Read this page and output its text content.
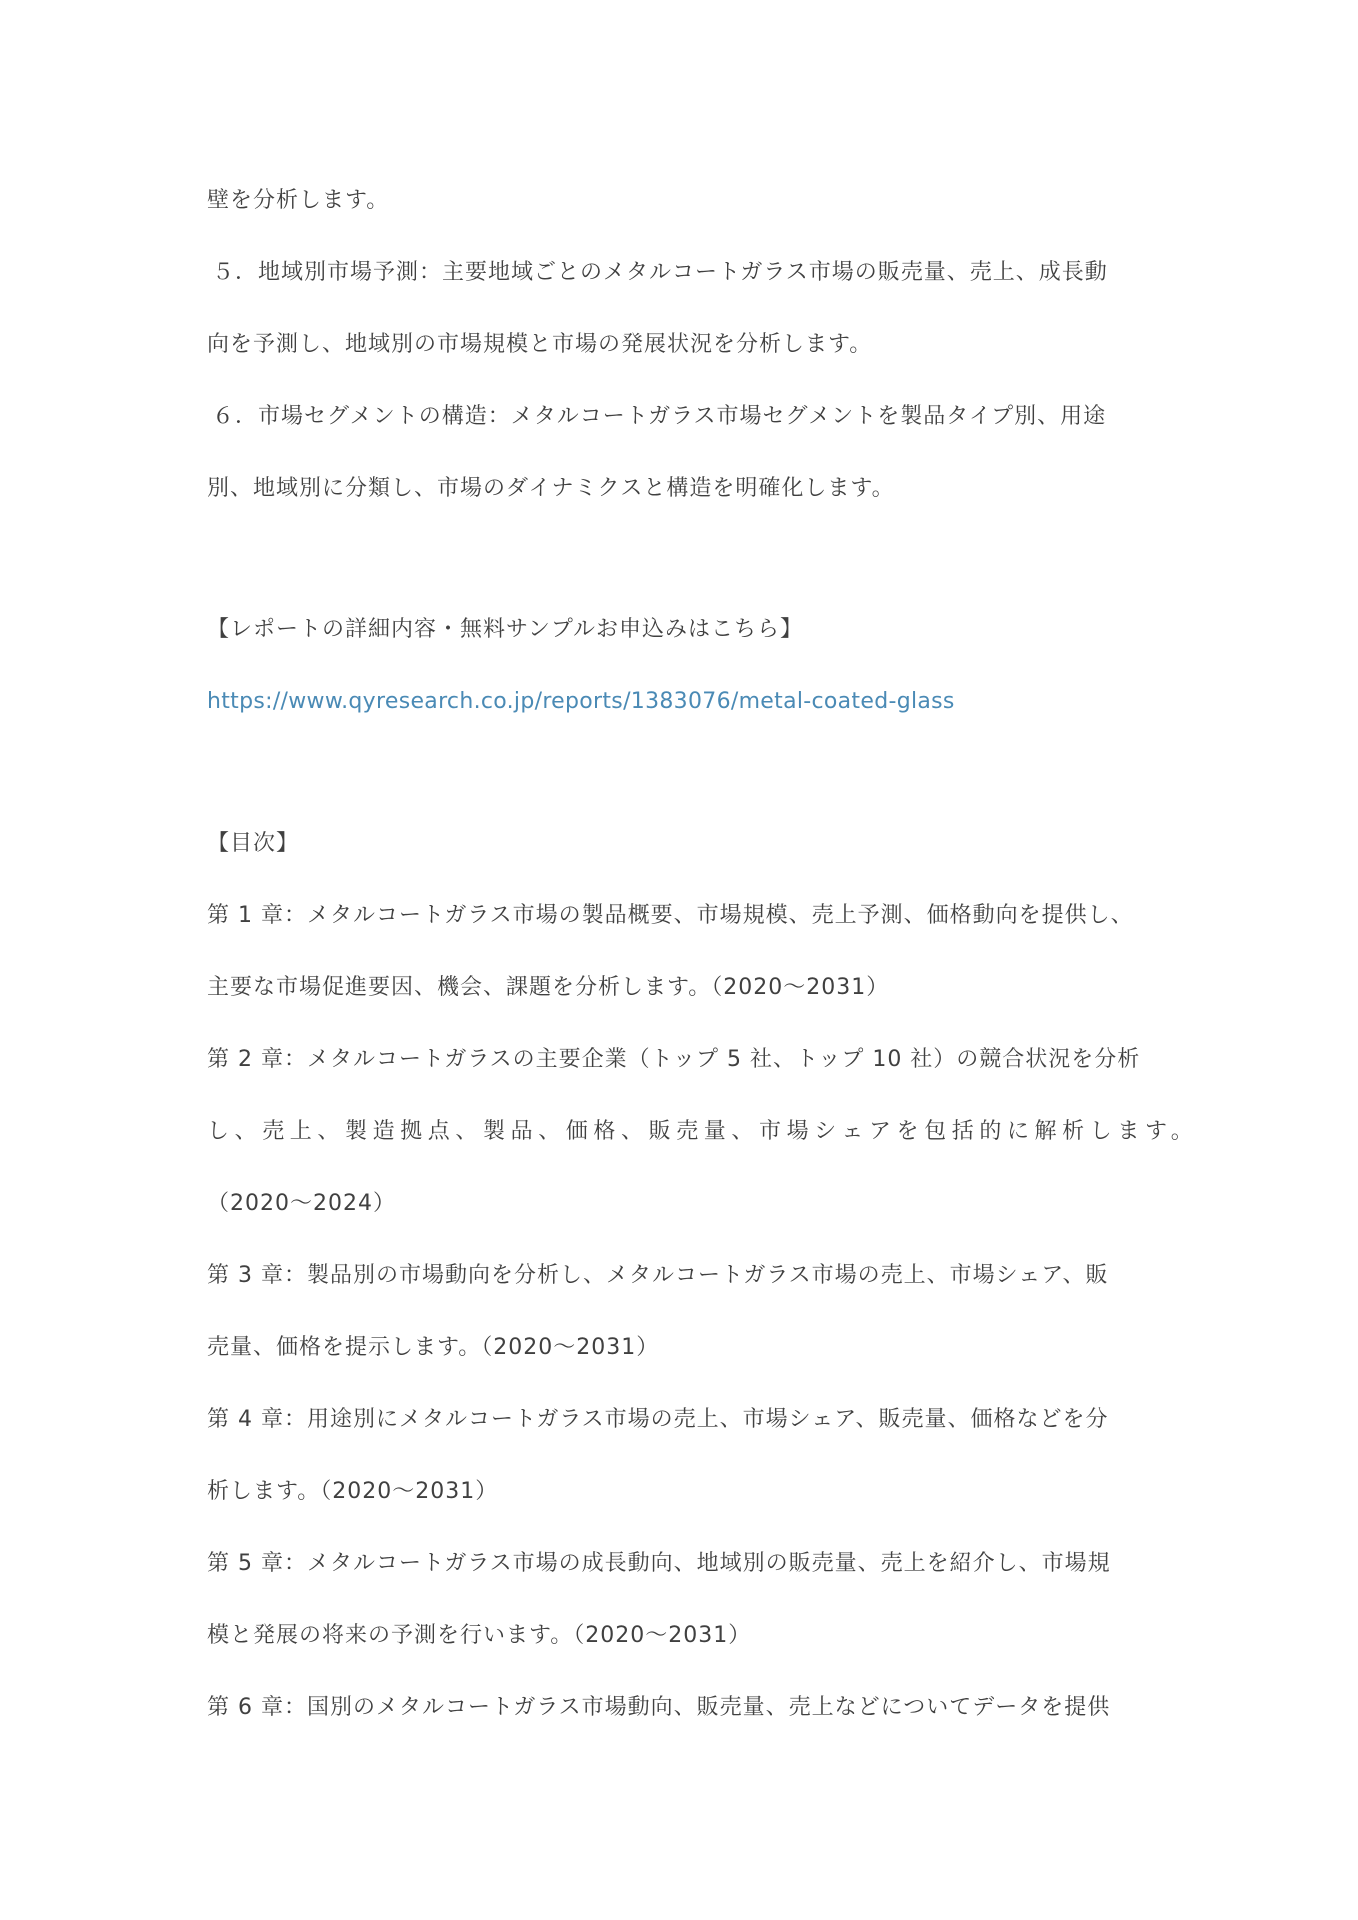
壁を分析します。
５．地域別市場予測：主要地域ごとのメタルコートガラス市場の販売量、売上、成長動
向を予測し、地域別の市場規模と市場の発展状況を分析します。
６．市場セグメントの構造：メタルコートガラス市場セグメントを製品タイプ別、用途
別、地域別に分類し、市場のダイナミクスと構造を明確化します。
【レポートの詳細内容・無料サンプルお申込みはこちら】
https://www.qyresearch.co.jp/reports/1383076/metal-coated-glass
【目次】
第 1 章：メタルコートガラス市場の製品概要、市場規模、売上予測、価格動向を提供し、
主要な市場促進要因、機会、課題を分析します。（2020～2031）
第 2 章：メタルコートガラスの主要企業（トップ 5 社、トップ 10 社）の競合状況を分析
し、売上、製造拠点、製品、価格、販売量、市場シェアを包括的に解析します。
（2020～2024）
第 3 章：製品別の市場動向を分析し、メタルコートガラス市場の売上、市場シェア、販
売量、価格を提示します。（2020～2031）
第 4 章：用途別にメタルコートガラス市場の売上、市場シェア、販売量、価格などを分
析します。（2020～2031）
第 5 章：メタルコートガラス市場の成長動向、地域別の販売量、売上を紹介し、市場規
模と発展の将来の予測を行います。（2020～2031）
第 6 章：国別のメタルコートガラス市場動向、販売量、売上などについてデータを提供
